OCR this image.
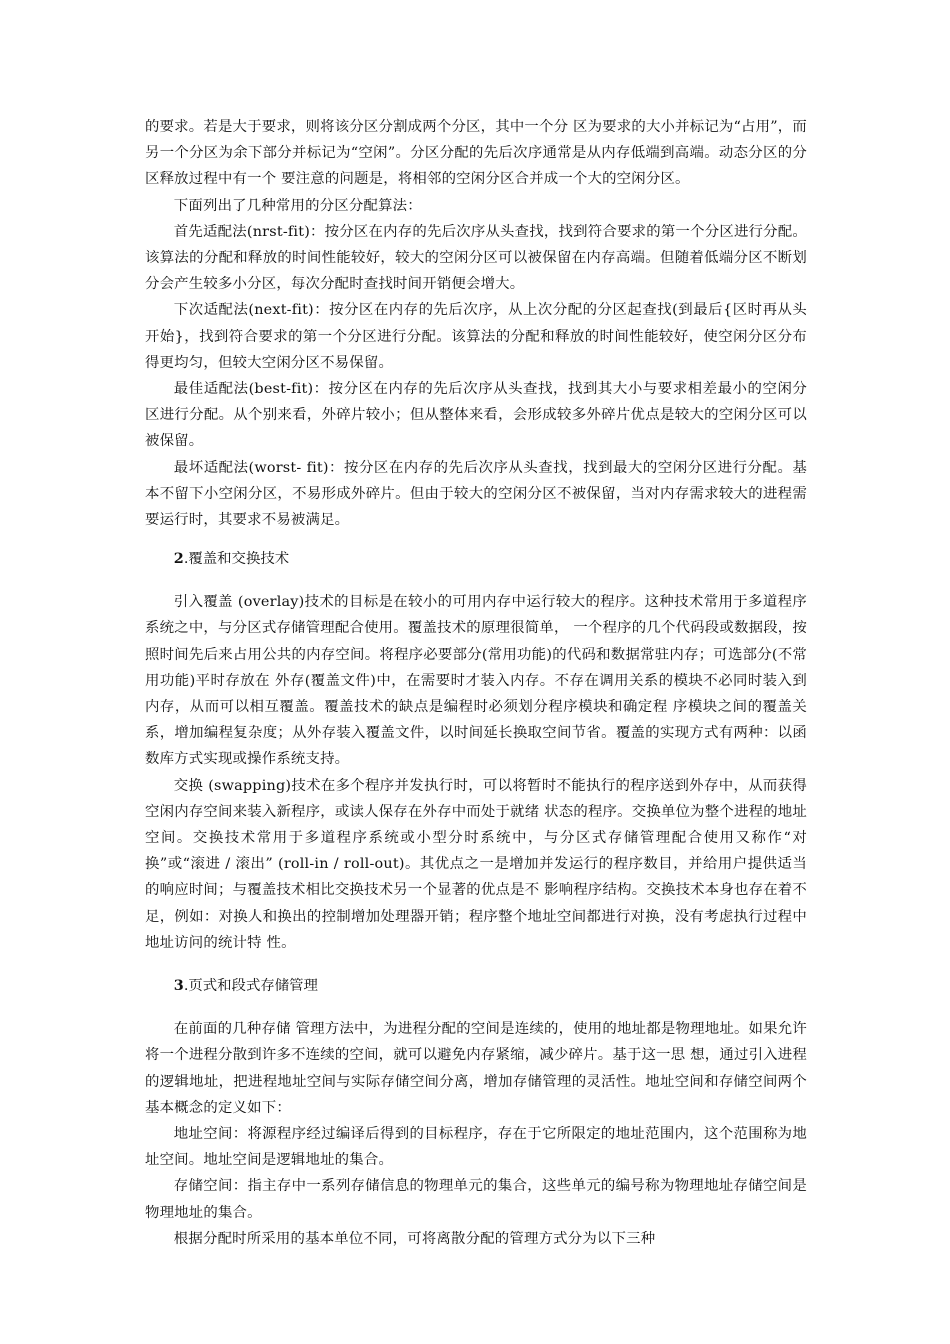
的要求。若是大于要求，则将该分区分割成两个分区，其中一个分 区为要求的大小并标记为“占用”，而另一个分区为余下部分并标记为“空闲”。分区分配的先后次序通常是从内存低端到高端。动态分区的分区释放过程中有一个 要注意的问题是，将相邻的空闲分区合并成一个大的空闲分区。

下面列出了几种常用的分区分配算法：

首先适配法(nrst-fit)：按分区在内存的先后次序从头查找，找到符合要求的第一个分区进行分配。该算法的分配和释放的时间性能较好，较大的空闲分区可以被保留在内存高端。但随着低端分区不断划分会产生较多小分区，每次分配时查找时间开销便会增大。

下次适配法(next-fit)：按分区在内存的先后次序，从上次分配的分区起查找(到最后{区时再从头开始}，找到符合要求的第一个分区进行分配。该算法的分配和释放的时间性能较好，使空闲分区分布得更均匀，但较大空闲分区不易保留。

最佳适配法(best-fit)：按分区在内存的先后次序从头查找，找到其大小与要求相差最小的空闲分区进行分配。从个别来看，外碎片较小；但从整体来看，会形成较多外碎片优点是较大的空闲分区可以被保留。

最坏适配法(worst- fit)：按分区在内存的先后次序从头查找，找到最大的空闲分区进行分配。基本不留下小空闲分区，不易形成外碎片。但由于较大的空闲分区不被保留，当对内存需求较大的进程需要运行时，其要求不易被满足。

2.覆盖和交换技术

引入覆盖 (overlay)技术的目标是在较小的可用内存中运行较大的程序。这种技术常用于多道程序系统之中，与分区式存储管理配合使用。覆盖技术的原理很简单， 一个程序的几个代码段或数据段，按照时间先后来占用公共的内存空间。将程序必要部分(常用功能)的代码和数据常驻内存；可选部分(不常用功能)平时存放在 外存(覆盖文件)中，在需要时才装入内存。不存在调用关系的模块不必同时装入到内存，从而可以相互覆盖。覆盖技术的缺点是编程时必须划分程序模块和确定程 序模块之间的覆盖关系，增加编程复杂度；从外存装入覆盖文件，以时间延长换取空间节省。覆盖的实现方式有两种：以函数库方式实现或操作系统支持。

交换 (swapping)技术在多个程序并发执行时，可以将暂时不能执行的程序送到外存中，从而获得空闲内存空间来装入新程序，或读人保存在外存中而处于就绪 状态的程序。交换单位为整个进程的地址空间。交换技术常用于多道程序系统或小型分时系统中，与分区式存储管理配合使用又称作“对换”或“滚进 / 滚出” (roll-in / roll-out)。其优点之一是增加并发运行的程序数目，并给用户提供适当的响应时间；与覆盖技术相比交换技术另一个显著的优点是不 影响程序结构。交换技术本身也存在着不足，例如：对换人和换出的控制增加处理器开销；程序整个地址空间都进行对换，没有考虑执行过程中地址访问的统计特 性。

3.页式和段式存储管理

在前面的几种存储 管理方法中，为进程分配的空间是连续的，使用的地址都是物理地址。如果允许将一个进程分散到许多不连续的空间，就可以避免内存紧缩，减少碎片。基于这一思 想，通过引入进程的逻辑地址，把进程地址空间与实际存储空间分离，增加存储管理的灵活性。地址空间和存储空间两个基本概念的定义如下：

地址空间：将源程序经过编译后得到的目标程序，存在于它所限定的地址范围内，这个范围称为地址空间。地址空间是逻辑地址的集合。

存储空间：指主存中一系列存储信息的物理单元的集合，这些单元的编号称为物理地址存储空间是物理地址的集合。

根据分配时所采用的基本单位不同，可将离散分配的管理方式分为以下三种
